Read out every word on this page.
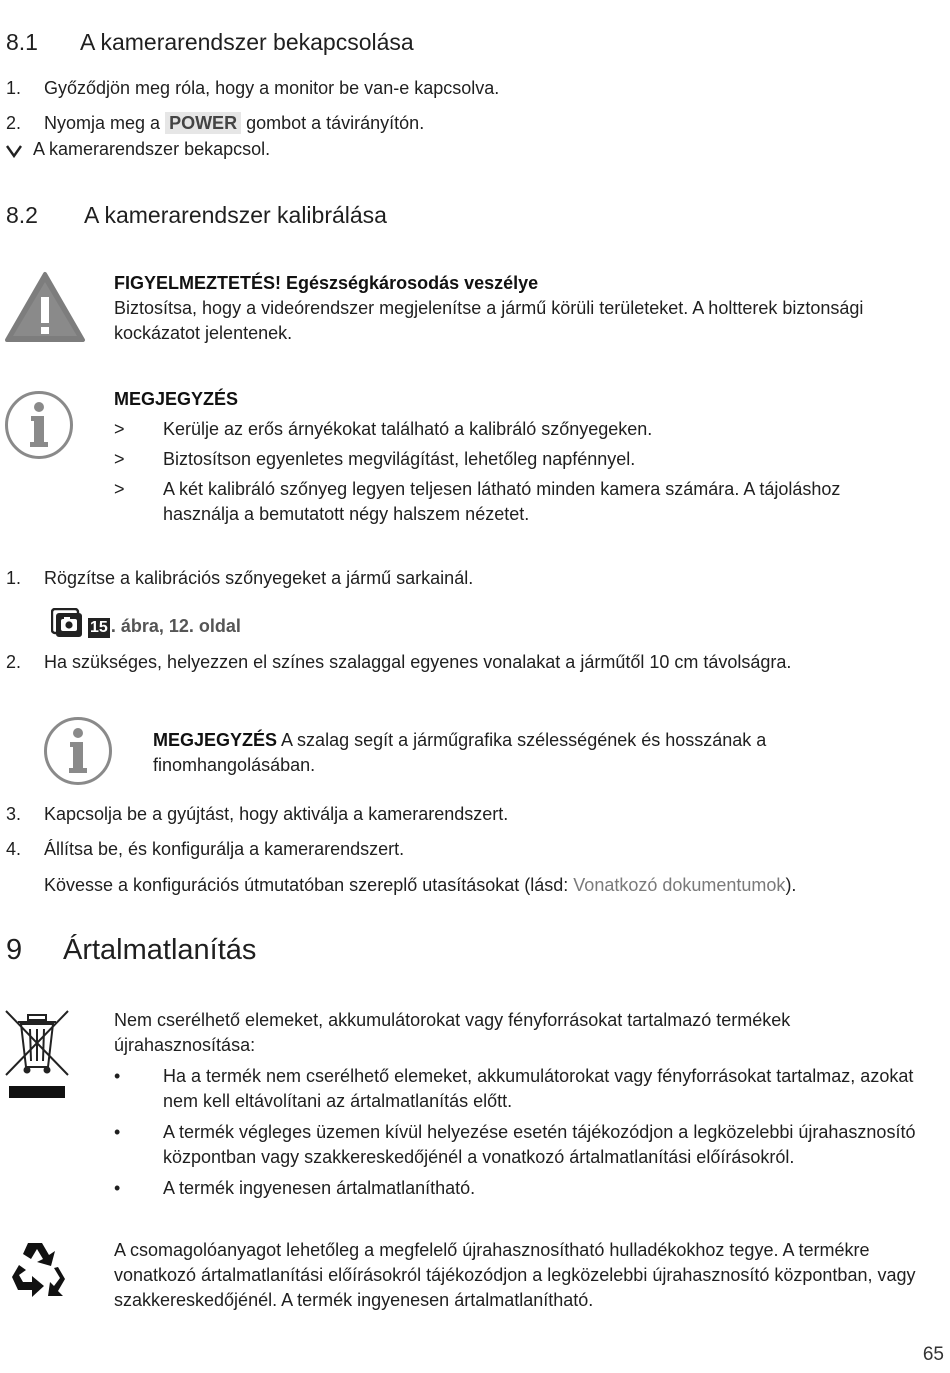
8.1 A kamerarendszer bekapcsolása
1. Győződjön meg róla, hogy a monitor be van-e kapcsolva.
2. Nyomja meg a POWER gombot a távirányítón.
A kamerarendszer bekapcsol.
8.2 A kamerarendszer kalibrálása
FIGYELMEZTETÉS! Egészségkárosodás veszélye
Biztosítsa, hogy a videórendszer megjelenítse a jármű körüli területeket. A holtterek biztonsági kockázatot jelentenek.
MEGJEGYZÉS
> Kerülje az erős árnyékokat található a kalibráló szőnyegeken.
> Biztosítson egyenletes megvilágítást, lehetőleg napfénnyel.
> A két kalibráló szőnyeg legyen teljesen látható minden kamera számára. A tájoláshoz használja a bemutatott négy halszem nézetet.
1. Rögzítse a kalibrációs szőnyegeket a jármű sarkainál.
15 . ábra, 12. oldal
2. Ha szükséges, helyezzen el színes szalaggal egyenes vonalakat a járműtől 10 cm távolságra.
MEGJEGYZÉS A szalag segít a járműgrafika szélességének és hosszának a finomhangolásában.
3. Kapcsolja be a gyújtást, hogy aktiválja a kamerarendszert.
4. Állítsa be, és konfigurálja a kamerarendszert.
Kövesse a konfigurációs útmutatóban szereplő utasításokat (lásd: Vonatkozó dokumentumok).
9 Ártalmatlanítás
Nem cserélhető elemeket, akkumulátorokat vagy fényforrásokat tartalmazó termékek újrahasznosítása:
• Ha a termék nem cserélhető elemeket, akkumulátorokat vagy fényforrásokat tartalmaz, azokat nem kell eltávolítani az ártalmatlanítás előtt.
• A termék végleges üzemen kívül helyezése esetén tájékozódjon a legközelebbi újrahasznosító központban vagy szakkereskedőjénél a vonatkozó ártalmatlanítási előírásokról.
• A termék ingyenesen ártalmatlanítható.
A csomagolóanyagot lehetőleg a megfelelő újrahasznosítható hulladékokhoz tegye. A termékre vonatkozó ártalmatlanítási előírásokról tájékozódjon a legközelebbi újrahasznosító központban, vagy szakkereskedőjénél. A termék ingyenesen ártalmatlanítható.
65
